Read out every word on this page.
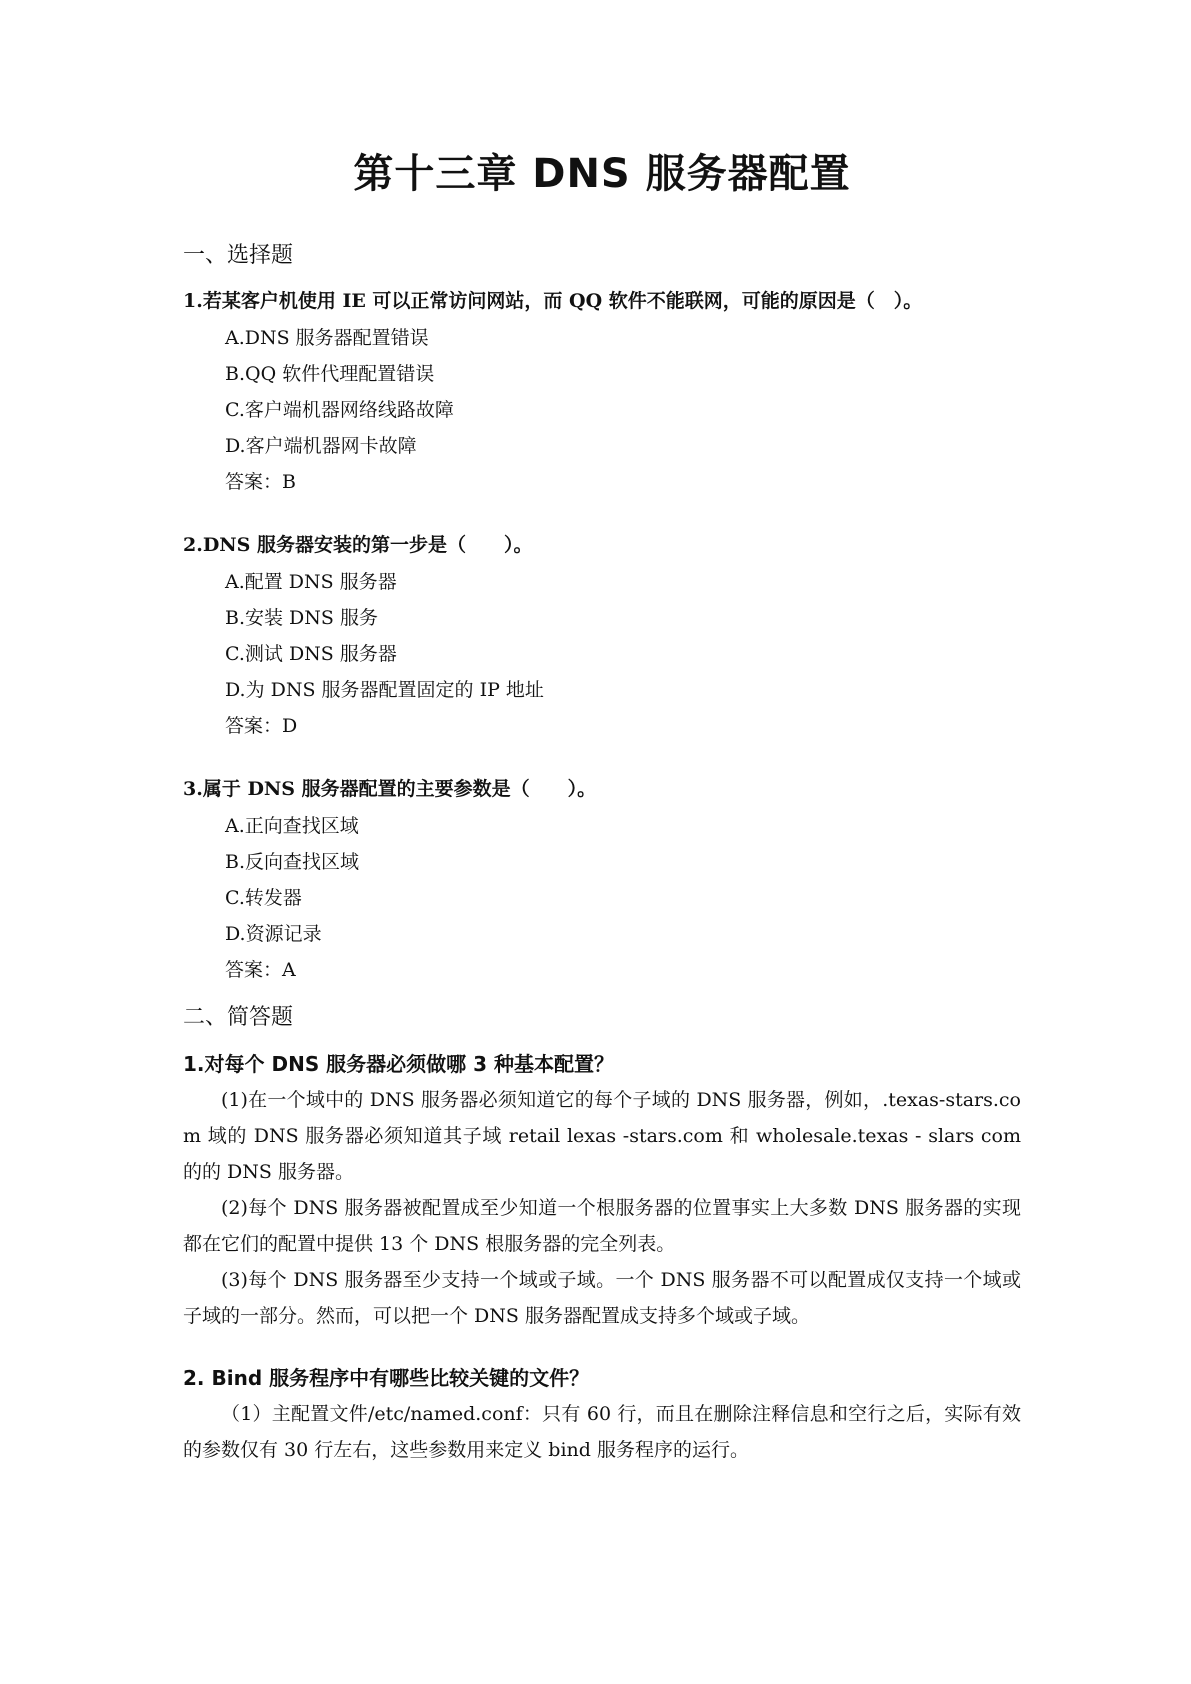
第十三章 DNS 服务器配置
一、选择题
1.若某客户机使用 IE 可以正常访问网站，而 QQ 软件不能联网，可能的原因是（　）。
A.DNS 服务器配置错误
B.QQ 软件代理配置错误
C.客户端机器网络线路故障
D.客户端机器网卡故障
答案：B
2.DNS 服务器安装的第一步是（　　）。
A.配置 DNS 服务器
B.安装 DNS 服务
C.测试 DNS 服务器
D.为 DNS 服务器配置固定的 IP 地址
答案：D
3.属于 DNS 服务器配置的主要参数是（　　）。
A.正向查找区域
B.反向查找区域
C.转发器
D.资源记录
答案：A
二、简答题
1.对每个 DNS 服务器必须做哪 3 种基本配置？

(1)在一个域中的 DNS 服务器必须知道它的每个子域的 DNS 服务器，例如，.texas-stars.com 域的 DNS 服务器必须知道其子域 retail lexas -stars.com 和 wholesale.texas - slars com 的的 DNS 服务器。

(2)每个 DNS 服务器被配置成至少知道一个根服务器的位置事实上大多数 DNS 服务器的实现都在它们的配置中提供 13 个 DNS 根服务器的完全列表。

(3)每个 DNS 服务器至少支持一个域或子域。一个 DNS 服务器不可以配置成仅支持一个域或子域的一部分。然而，可以把一个 DNS 服务器配置成支持多个域或子域。

2. Bind 服务程序中有哪些比较关键的文件？

（1）主配置文件/etc/named.conf：只有 60 行，而且在删除注释信息和空行之后，实际有效的参数仅有 30 行左右，这些参数用来定义 bind 服务程序的运行。
